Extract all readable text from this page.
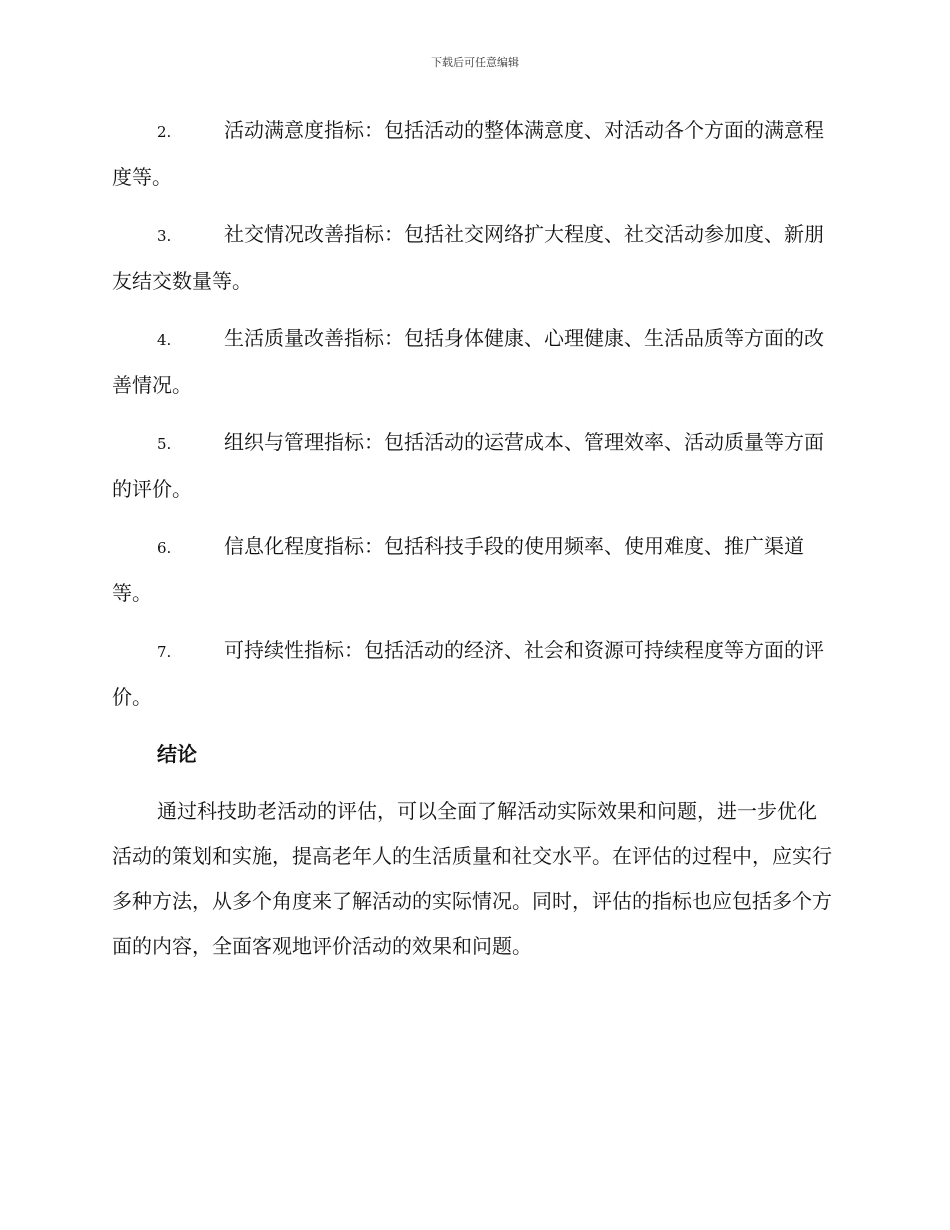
下载后可任意编辑

2.	活动满意度指标：包括活动的整体满意度、对活动各个方面的满意程度等。

3.	社交情况改善指标：包括社交网络扩大程度、社交活动参加度、新朋友结交数量等。

4.	生活质量改善指标：包括身体健康、心理健康、生活品质等方面的改善情况。

5.	组织与管理指标：包括活动的运营成本、管理效率、活动质量等方面的评价。

6.	信息化程度指标：包括科技手段的使用频率、使用难度、推广渠道等。

7.	可持续性指标：包括活动的经济、社会和资源可持续程度等方面的评价。

结论

通过科技助老活动的评估，可以全面了解活动实际效果和问题，进一步优化活动的策划和实施，提高老年人的生活质量和社交水平。在评估的过程中，应实行多种方法，从多个角度来了解活动的实际情况。同时，评估的指标也应包括多个方面的内容，全面客观地评价活动的效果和问题。
